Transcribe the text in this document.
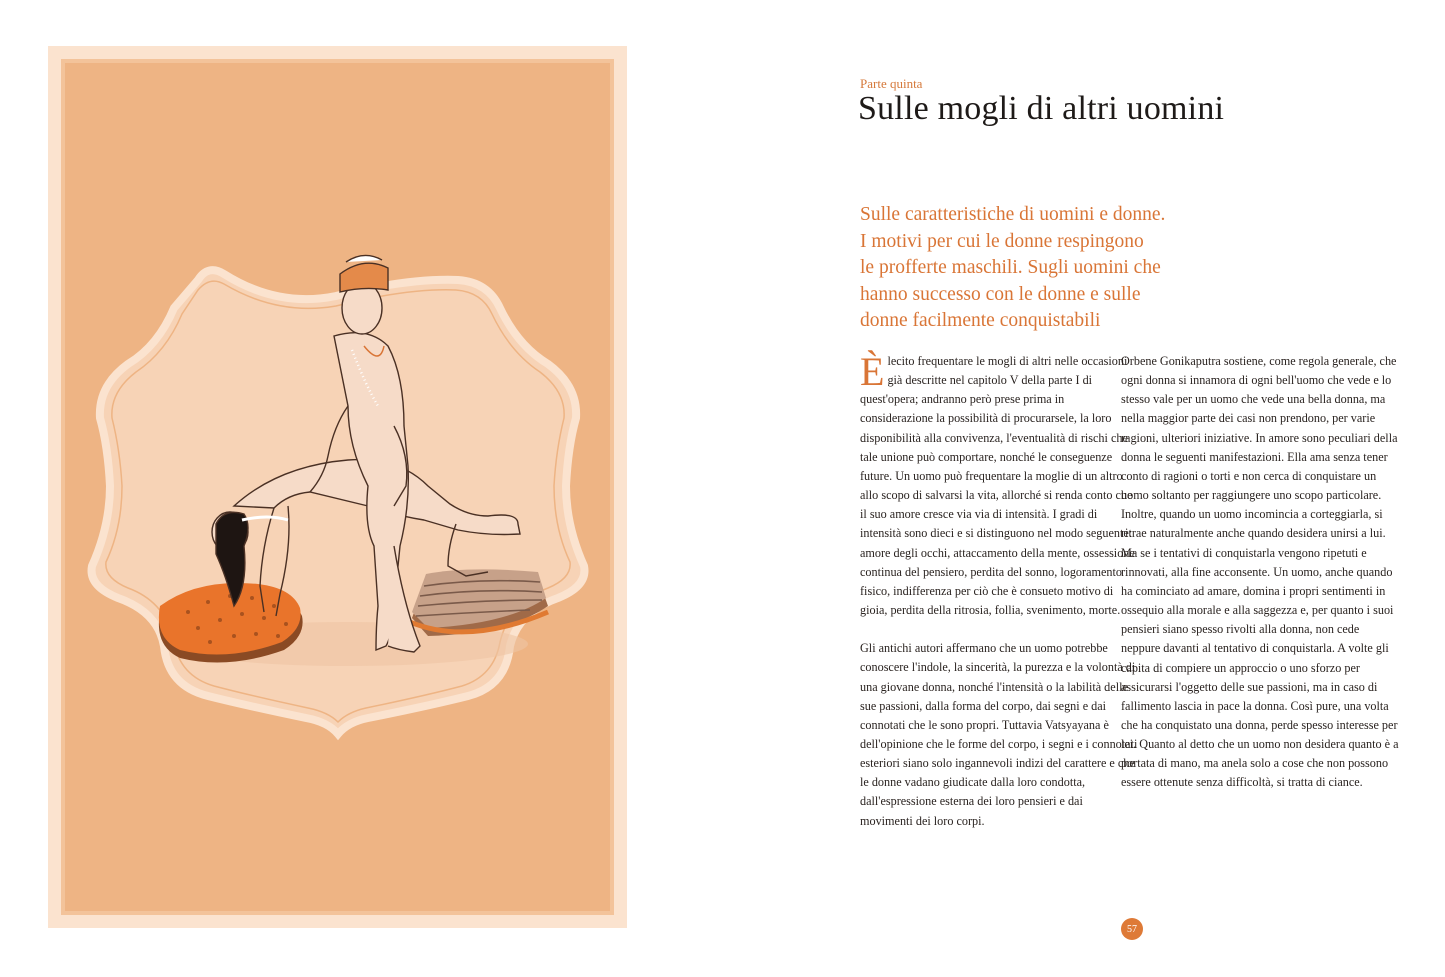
Parte quinta
Sulle mogli di altri uomini
Sulle caratteristiche di uomini e donne.
I motivi per cui le donne respingono
le profferte maschili. Sugli uomini che
hanno successo con le donne e sulle
donne facilmente conquistabili

Èlecito frequentare le mogli di altri nelle occasioni già descritte nel capitolo V della parte I di quest'opera; andranno però prese prima in considerazione la possibilità di procurarsele, la loro disponibilità alla convivenza, l'eventualità di rischi che tale unione può comportare, nonché le conseguenze future. Un uomo può frequentare la moglie di un altro allo scopo di salvarsi la vita, allorché si renda conto che il suo amore cresce via via di intensità. I gradi di intensità sono dieci e si distinguono nel modo seguente: amore degli occhi, attaccamento della mente, ossessione continua del pensiero, perdita del sonno, logoramento fisico, indifferenza per ciò che è consueto motivo di gioia, perdita della ritrosia, follia, svenimento, morte.

Gli antichi autori affermano che un uomo potrebbe conoscere l'indole, la sincerità, la purezza e la volontà di una giovane donna, nonché l'intensità o la labilità delle sue passioni, dalla forma del corpo, dai segni e dai connotati che le sono propri. Tuttavia Vatsyayana è dell'opinione che le forme del corpo, i segni e i connotati esteriori siano solo ingannevoli indizi del carattere e che le donne vadano giudicate dalla loro condotta, dall'espressione esterna dei loro pensieri e dai movimenti dei loro corpi.

Orbene Gonikaputra sostiene, come regola generale, che ogni donna si innamora di ogni bell'uomo che vede e lo stesso vale per un uomo che vede una bella donna, ma nella maggior parte dei casi non prendono, per varie ragioni, ulteriori iniziative. In amore sono peculiari della donna le seguenti manifestazioni. Ella ama senza tener conto di ragioni o torti e non cerca di conquistare un uomo soltanto per raggiungere uno scopo particolare. Inoltre, quando un uomo incomincia a corteggiarla, si ritrae naturalmente anche quando desidera unirsi a lui. Ma se i tentativi di conquistarla vengono ripetuti e rinnovati, alla fine acconsente. Un uomo, anche quando ha cominciato ad amare, domina i propri sentimenti in ossequio alla morale e alla saggezza e, per quanto i suoi pensieri siano spesso rivolti alla donna, non cede neppure davanti al tentativo di conquistarla. A volte gli capita di compiere un approccio o uno sforzo per assicurarsi l'oggetto delle sue passioni, ma in caso di fallimento lascia in pace la donna. Così pure, una volta che ha conquistato una donna, perde spesso interesse per lei. Quanto al detto che un uomo non desidera quanto è a portata di mano, ma anela solo a cose che non possono essere ottenute senza difficoltà, si tratta di ciance.

57
